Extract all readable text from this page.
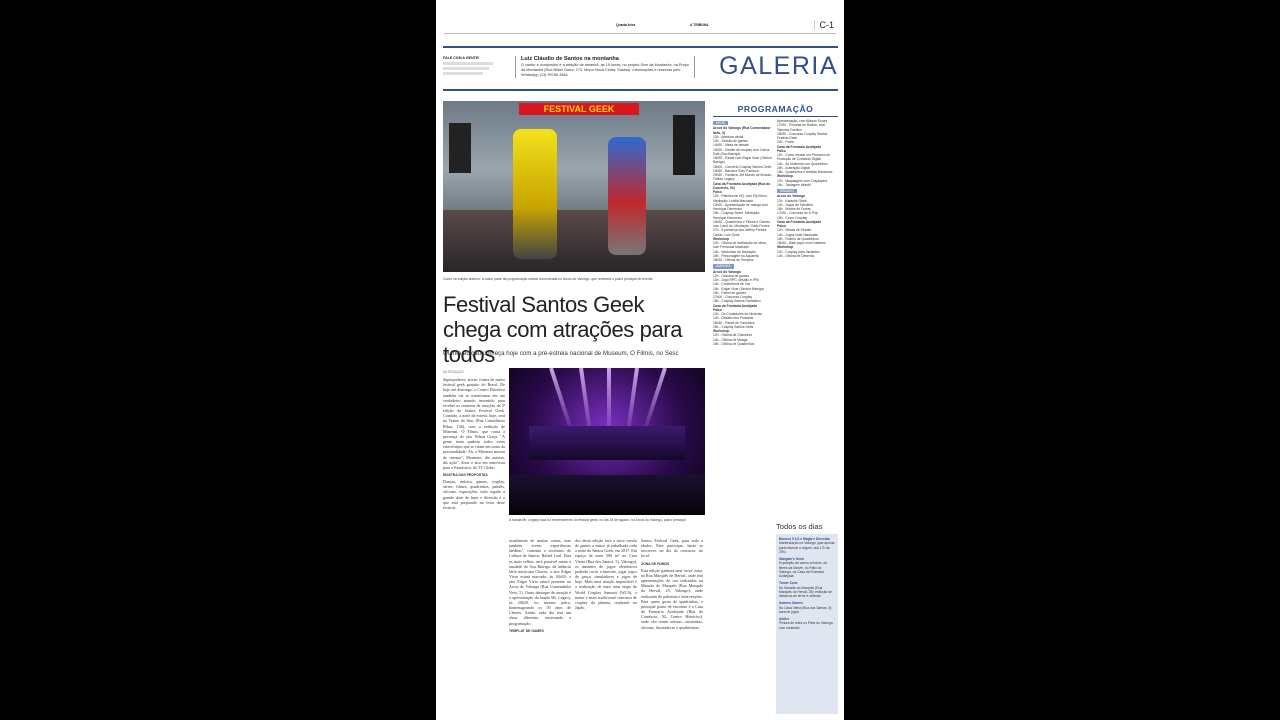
Quarta-feira	A TRIBUNA	C-1
FALE COM A GENTE!	Luiz Cláudio de Santos na montanha
O cantor e compositor é a atração de amanhã, às 19 horas, no projeto Som da Montanha, na Praça da Montanha (Rua Nilton Dutra, 273, Morro Nova Cintra, Santos). Informações e reservas pelo WhatsApp (13) 99788-3364.	GALERIA
FESTIVAL GEEK
Como na edição anterior, a maior parte da programação estará concentrada no Arcos do Valongo, que receberá o palco principal do evento
Festival Santos Geek chega com atrações para todos
Quinta edição começa hoje com a pré-estreia nacional de Museum, O Filmis, no Sesc
DA REDAÇÃO
Superpoderes, ativar: forma de maior festival geek gratuito do Brasil. De hoje até domingo, o Centro Histórico também vai se transformar em um verdadeiro mundo inventido para receber as centenas de atrações da 5ª edição do Santos Festival Geek. Contudo, a noite de estreia, hoje, será no Teatro do Sesc (Rua Conselheiro Ribas, 136), com a exibição de Museum, O Filmis, que conta a presença do ator Nilton Graça. "A gente tenta quebrar todos esses estereótipos que se criam em torno da personalidade. Ah, o Museum mostra de cinema", Monteiro, diz autores, diz ação", disse o ator em entrevista para o Fantástico, da TV Globo.
MOSTRA DAS PROPOSTAS
Danças, música, games, cosplay, séries, filmes, quadrinhos, painéis, oficinas, exposições, tudo regado a grande dose de lazer e diversão é o que está preparado na festa deste festival.
A banda Mr. Legacy toca no encerramento do festival geek, no dia 18 de agosto, no Arcos do Valongo, palco principal
usualmente de muitas coisas, mas também vivem experiências inéditas", comenta o secretário de Cultura de Santos, Rafael Leal. Para os mais velhos, será possível matar a saudade do Sou Barriga, da infância série mexicana Chaves, o ator Edgar Vivar estará marcado, às 16h30, o ator Edgar Vivar estará presente no Arcos do Valongo (Rua Comendador Neto, 5). Outro destaque de atração é a apresentação da banda Mr. Legacy, às 20h30, no mesmo palco, homenageando os 50 anos de Chaves. Ainda, cada dia terá um show diferente, encerrando a programação.
TEMPLAT DE GAMES
dos desta edição será a nova versão de games a maior já trabalhada cada a noite do Santos Geek, em 2017. Em espaço de mais 500 m² no Casa Vieira (Rua dos Santos, 5), Valongo), os amantes de jogos eletrônicos poderão curtir a imersão, jogar jogos de graça, simuladores e jogos de hoje. Mais uma atração imperdível é a realização de mais uma etapa do World Cosplay Summit (WCS), o maior e mais tradicional concurso de cosplay do planeta, realizado no Japão.
Santos Festival Geek, para toda a idades. Para participar, basta se inscrever, no dia do concurso, no local.
ZONA DE FUMOS
Esta edição ganhará uma 'nova' zona, na Rua Marquês de Herval, onde terá apresentações de rua realizadas na Mansão do Marquês (Rua Marquês do Herval, 25, Valongo), onde realizarão de palestras e intervenções. Para quem gosta de quadrinhos, o principal ponto de encontro é a Casa da Frontaria Azulejada (Rua do Comércio, 92, Centro Histórico), onde vão reunir artistas, cartunistas, oficinas, ilustradores e quadrinistas.
PROGRAMAÇÃO
HOJE
Arcos do Valongo (Rua Comendador Neto, 5)
12h - Abertura oficial
13h - Sessão de games
14h30 - Mesa de debate
15h30 - Desfile de cosplay com Carlos Solé (Sou Barriga)
16h30 - Painel com Edgar Vivar (Senhor Barriga)
18h00 - Concerto Cosplay Santos Geek
19h30 - Banda e Som Pachuco
20h30 - Fanfarra, 4M Mundo de Bruxas - Tributo Legacy
Casa da Frontaria Azulejada (Rua do Comércio, 92)
Palco
12h - Palestra de HQ, com Eiji Kitroo. Mediação: Lohilla Machado
13h00 - Apresentação de mangá com Henrique Demenico
15h - Cosplay Street. Mediação: Henrique Demenico
16h30 - Quadrinhos e Filmes e Games, com Carol Ito. Mediação: Carlo Fontes
17h - A presença dos Jeffery Pereira. Cartaz: Luiz Geek
Workshop
12h - Oficina de estilização de olhos, com Fernanda Machado
14h - Workshop de ilustração
16h - Personagem na Aquarela
18h30 - Oficina de Tempero
AMANHÃ
Arcos do Valongo
12h - Gincana de games
13h - Jogo RPG, desafio e IPM
14h - Conferência de Voz
15h - Edgar Vivar (Senhor Barriga)
16h - Painel de games
17h00 - Concurso Cosplay
18h - Cosplay Santos Fantástico
Casa da Frontaria Azulejada
Palco
12h - Os Contadores de Histórias
14h - Desafio dos Podcasts
16h30 - Painel de Youtubers
18h - Cosplay Santos Geek
Workshop
12h - Oficina de Chaveiros
14h - Oficina de Mangá
16h - Oficina de Quadrinhos
Apresentação, com Alisson Souza
17h30 - Pinturas de Rostos, com Talentos Fashion
18h30 - Concurso Cosplay Santos Festival Geek
20h - Festa
Casa da Frontaria Azulejada
Palco
12h - Como montar um Processo de Produção de Conteúdo Digital
14h - As Mulheres nos Quadrinhos
16h - Ilustração Digital
18h - Quadrinhos e Artistas Nacionais
Workshop
12h - Maquiagem com Cosplayers
16h - Tatuagem Infantil
SÁBADO
Arcos do Valongo
12h - Karaokê Geek
14h - Jogos de Tabuleiro
16h - Mostra de Curtas
17h30 - Concurso de K-Pop
19h - Cover Cosplay
Casa da Frontaria Azulejada
Palco
12h - Mesas de Debate
14h - Jogos Indie Nacionais
16h - Roteiro de Quadrinhos
18h30 - Bate-papo com Dublador
Workshop
12h - Cosplay para Iniciantes
14h - Oficina de Desenho
Todos os dias
Boneco 9 1/2 e Magia e Diversão
Manifestação no Valongo (que aponta para retornar a origem, dos 17h às 20h)
Stargate's Geek
Exposição de carros icônicos, de filmes da Marvel, no Pátio do Valongo, na Casa da Frontaria Azulejada
Tomer Zone
No Mansão do Marquês (Rua Marquês do Herval, 25): exibição de clássicos de terror e oficinas
Animes Games
No Casa Vieira (Rua dos Santos, 5): área de jogos
Atelier
Pintura de artes no Pátio do Valongo, com materiais
